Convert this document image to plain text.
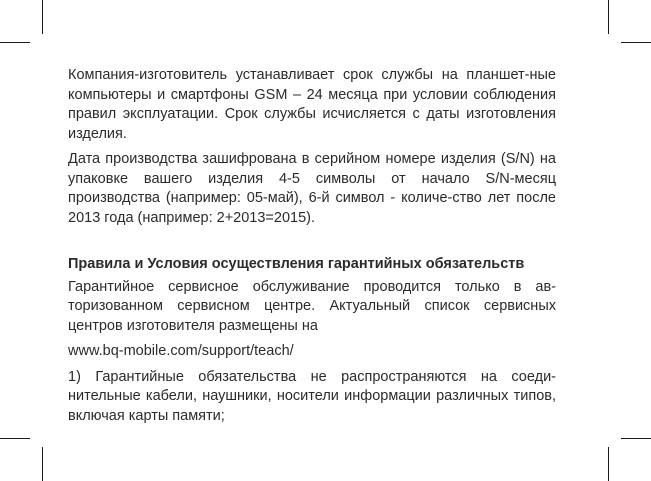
Компания-изготовитель устанавливает срок службы на планшет-ные компьютеры и смартфоны GSM – 24 месяца при условии соблюдения правил эксплуатации. Срок службы исчисляется с даты изготовления изделия.

Дата производства зашифрована в серийном номере изделия (S/N) на упаковке вашего изделия 4-5 символы от начало S/N-месяц производства (например: 05-май), 6-й символ - количе-ство лет после 2013 года (например: 2+2013=2015).

Правила и Условия осуществления гарантийных обязательств

Гарантийное сервисное обслуживание проводится только в ав-торизованном сервисном центре. Актуальный список сервисных центров изготовителя размещены на

www.bq-mobile.com/support/teach/

1) Гарантийные обязательства не распространяются на соеди-нительные кабели, наушники, носители информации различных типов, включая карты памяти;
